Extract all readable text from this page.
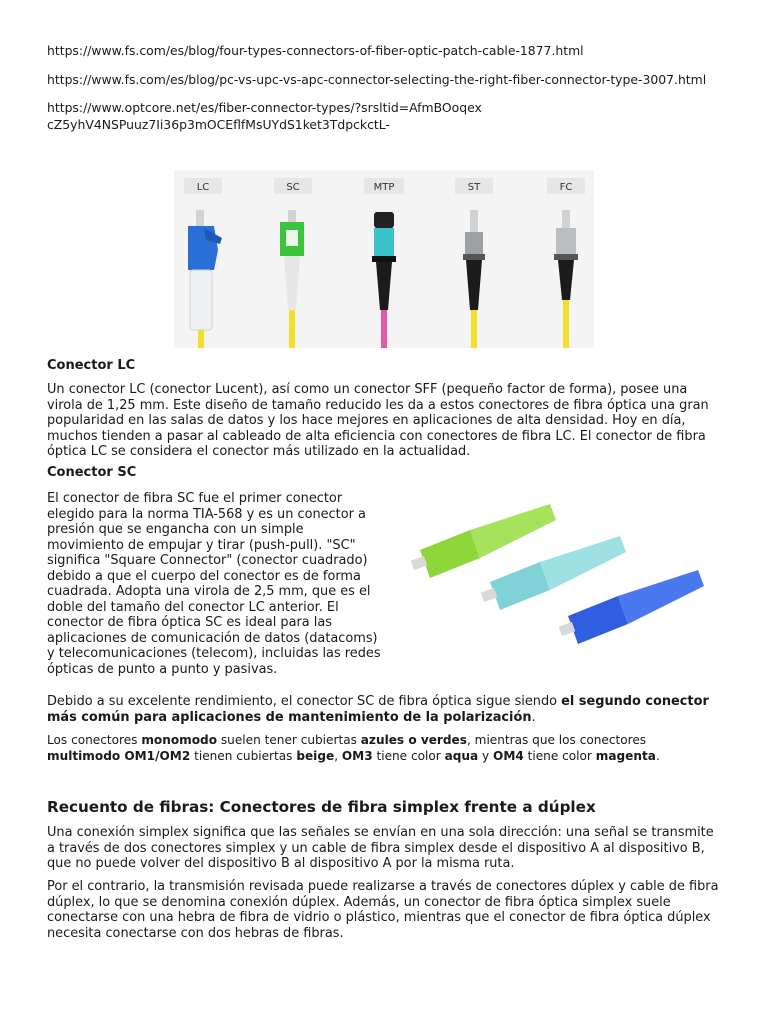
https://www.fs.com/es/blog/four-types-connectors-of-fiber-optic-patch-cable-1877.html
https://www.fs.com/es/blog/pc-vs-upc-vs-apc-connector-selecting-the-right-fiber-connector-type-3007.html
https://www.optcore.net/es/fiber-connector-types/?srsltid=AfmBOoqexcZ5yhV4NSPuuz7Ii36p3mOCEflfMsUYdS1ket3TdpckctL-
LC	SC	MTP	ST	FC
Conector LC

Un conector LC (conector Lucent), así como un conector SFF (pequeño factor de forma), posee una virola de 1,25 mm. Este diseño de tamaño reducido les da a estos conectores de fibra óptica una gran popularidad en las salas de datos y los hace mejores en aplicaciones de alta densidad. Hoy en día, muchos tienden a pasar al cableado de alta eficiencia con conectores de fibra LC. El conector de fibra óptica LC se considera el conector más utilizado en la actualidad.

Conector SC

El conector de fibra SC fue el primer conector elegido para la norma TIA-568 y es un conector a presión que se engancha con un simple movimiento de empujar y tirar (push-pull). "SC" significa "Square Connector" (conector cuadrado) debido a que el cuerpo del conector es de forma cuadrada. Adopta una virola de 2,5 mm, que es el doble del tamaño del conector LC anterior. El conector de fibra óptica SC es ideal para las aplicaciones de comunicación de datos (datacoms) y telecomunicaciones (telecom), incluidas las redes ópticas de punto a punto y pasivas.

Debido a su excelente rendimiento, el conector SC de fibra óptica sigue siendo el segundo conector más común para aplicaciones de mantenimiento de la polarización.

Los conectores monomodo suelen tener cubiertas azules o verdes, mientras que los conectores multimodo OM1/OM2 tienen cubiertas beige, OM3 tiene color aqua y OM4 tiene color magenta.

Recuento de fibras: Conectores de fibra simplex frente a dúplex

Una conexión simplex significa que las señales se envían en una sola dirección: una señal se transmite a través de dos conectores simplex y un cable de fibra simplex desde el dispositivo A al dispositivo B, que no puede volver del dispositivo B al dispositivo A por la misma ruta.

Por el contrario, la transmisión revisada puede realizarse a través de conectores dúplex y cable de fibra dúplex, lo que se denomina conexión dúplex. Además, un conector de fibra óptica simplex suele conectarse con una hebra de fibra de vidrio o plástico, mientras que el conector de fibra óptica dúplex necesita conectarse con dos hebras de fibras.
